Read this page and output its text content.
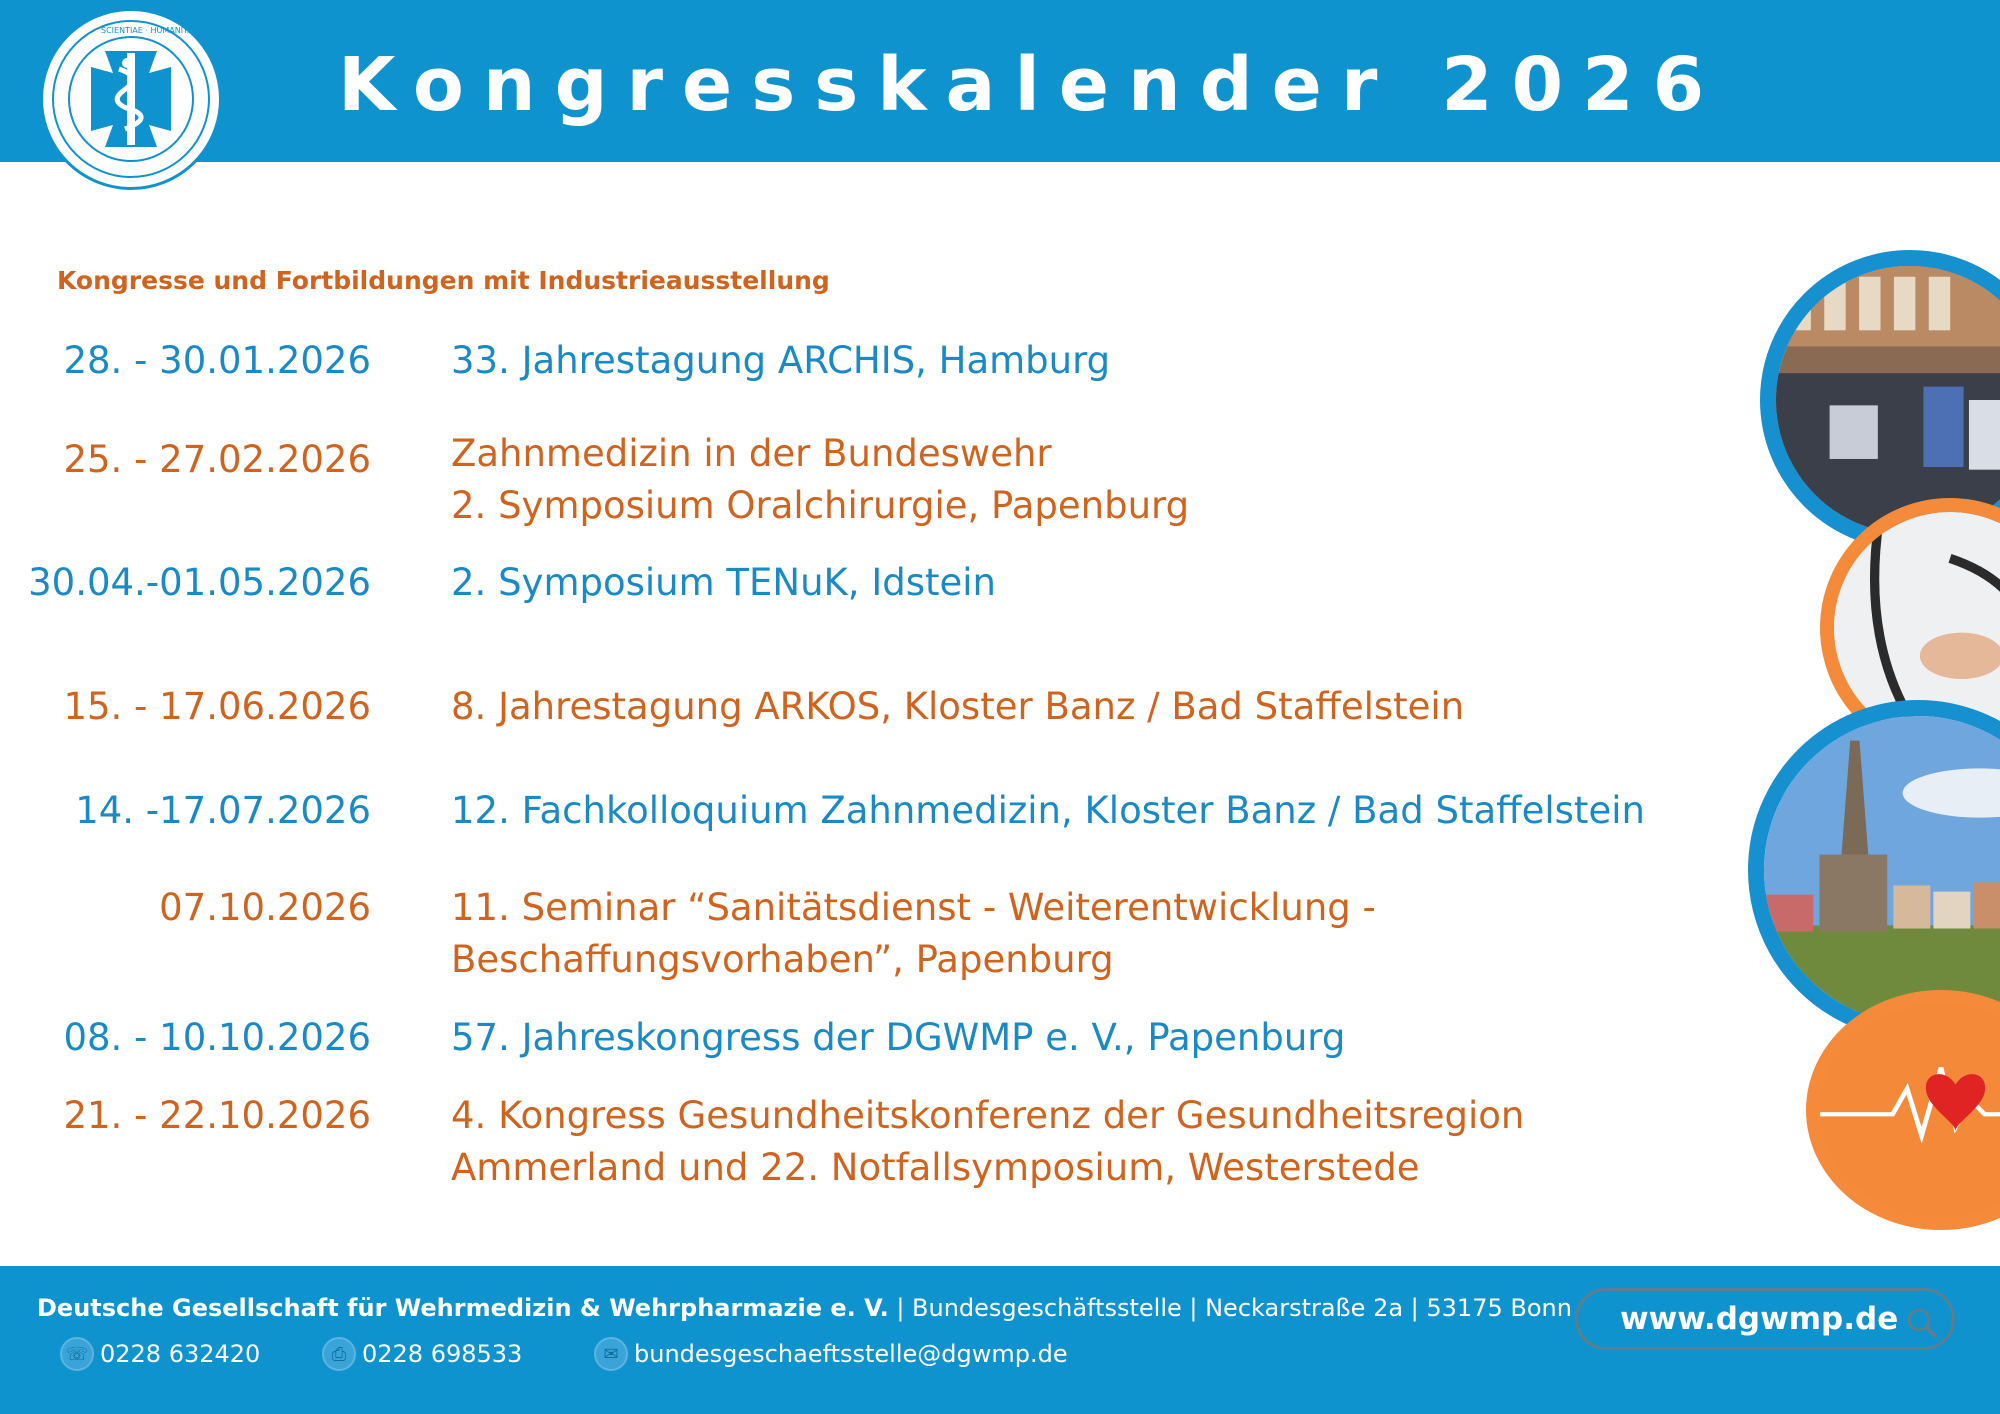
SCIENTIAE · HUMANITATI
Kongresskalender 2026
Kongresse und Fortbildungen mit Industrieausstellung
28. - 30.01.2026 33. Jahrestagung ARCHIS, Hamburg
25. - 27.02.2026 Zahnmedizin in der Bundeswehr
2. Symposium Oralchirurgie, Papenburg
30.04.-01.05.2026 2. Symposium TENuK, Idstein
15. - 17.06.2026 8. Jahrestagung ARKOS, Kloster Banz / Bad Staffelstein
14. -17.07.2026 12. Fachkolloquium Zahnmedizin, Kloster Banz / Bad Staffelstein
07.10.2026 11. Seminar “Sanitätsdienst - Weiterentwicklung -
Beschaffungsvorhaben”, Papenburg
08. - 10.10.2026 57. Jahreskongress der DGWMP e. V., Papenburg
21. - 22.10.2026 4. Kongress Gesundheitskonferenz der Gesundheitsregion
Ammerland und 22. Notfallsymposium, Westerstede
Deutsche Gesellschaft für Wehrmedizin & Wehrpharmazie e. V. | Bundesgeschäftsstelle | Neckarstraße 2a | 53175 Bonn
☏ 0228 632420	⎙ 0228 698533	✉ bundesgeschaeftsstelle@dgwmp.de
www.dgwmp.de
